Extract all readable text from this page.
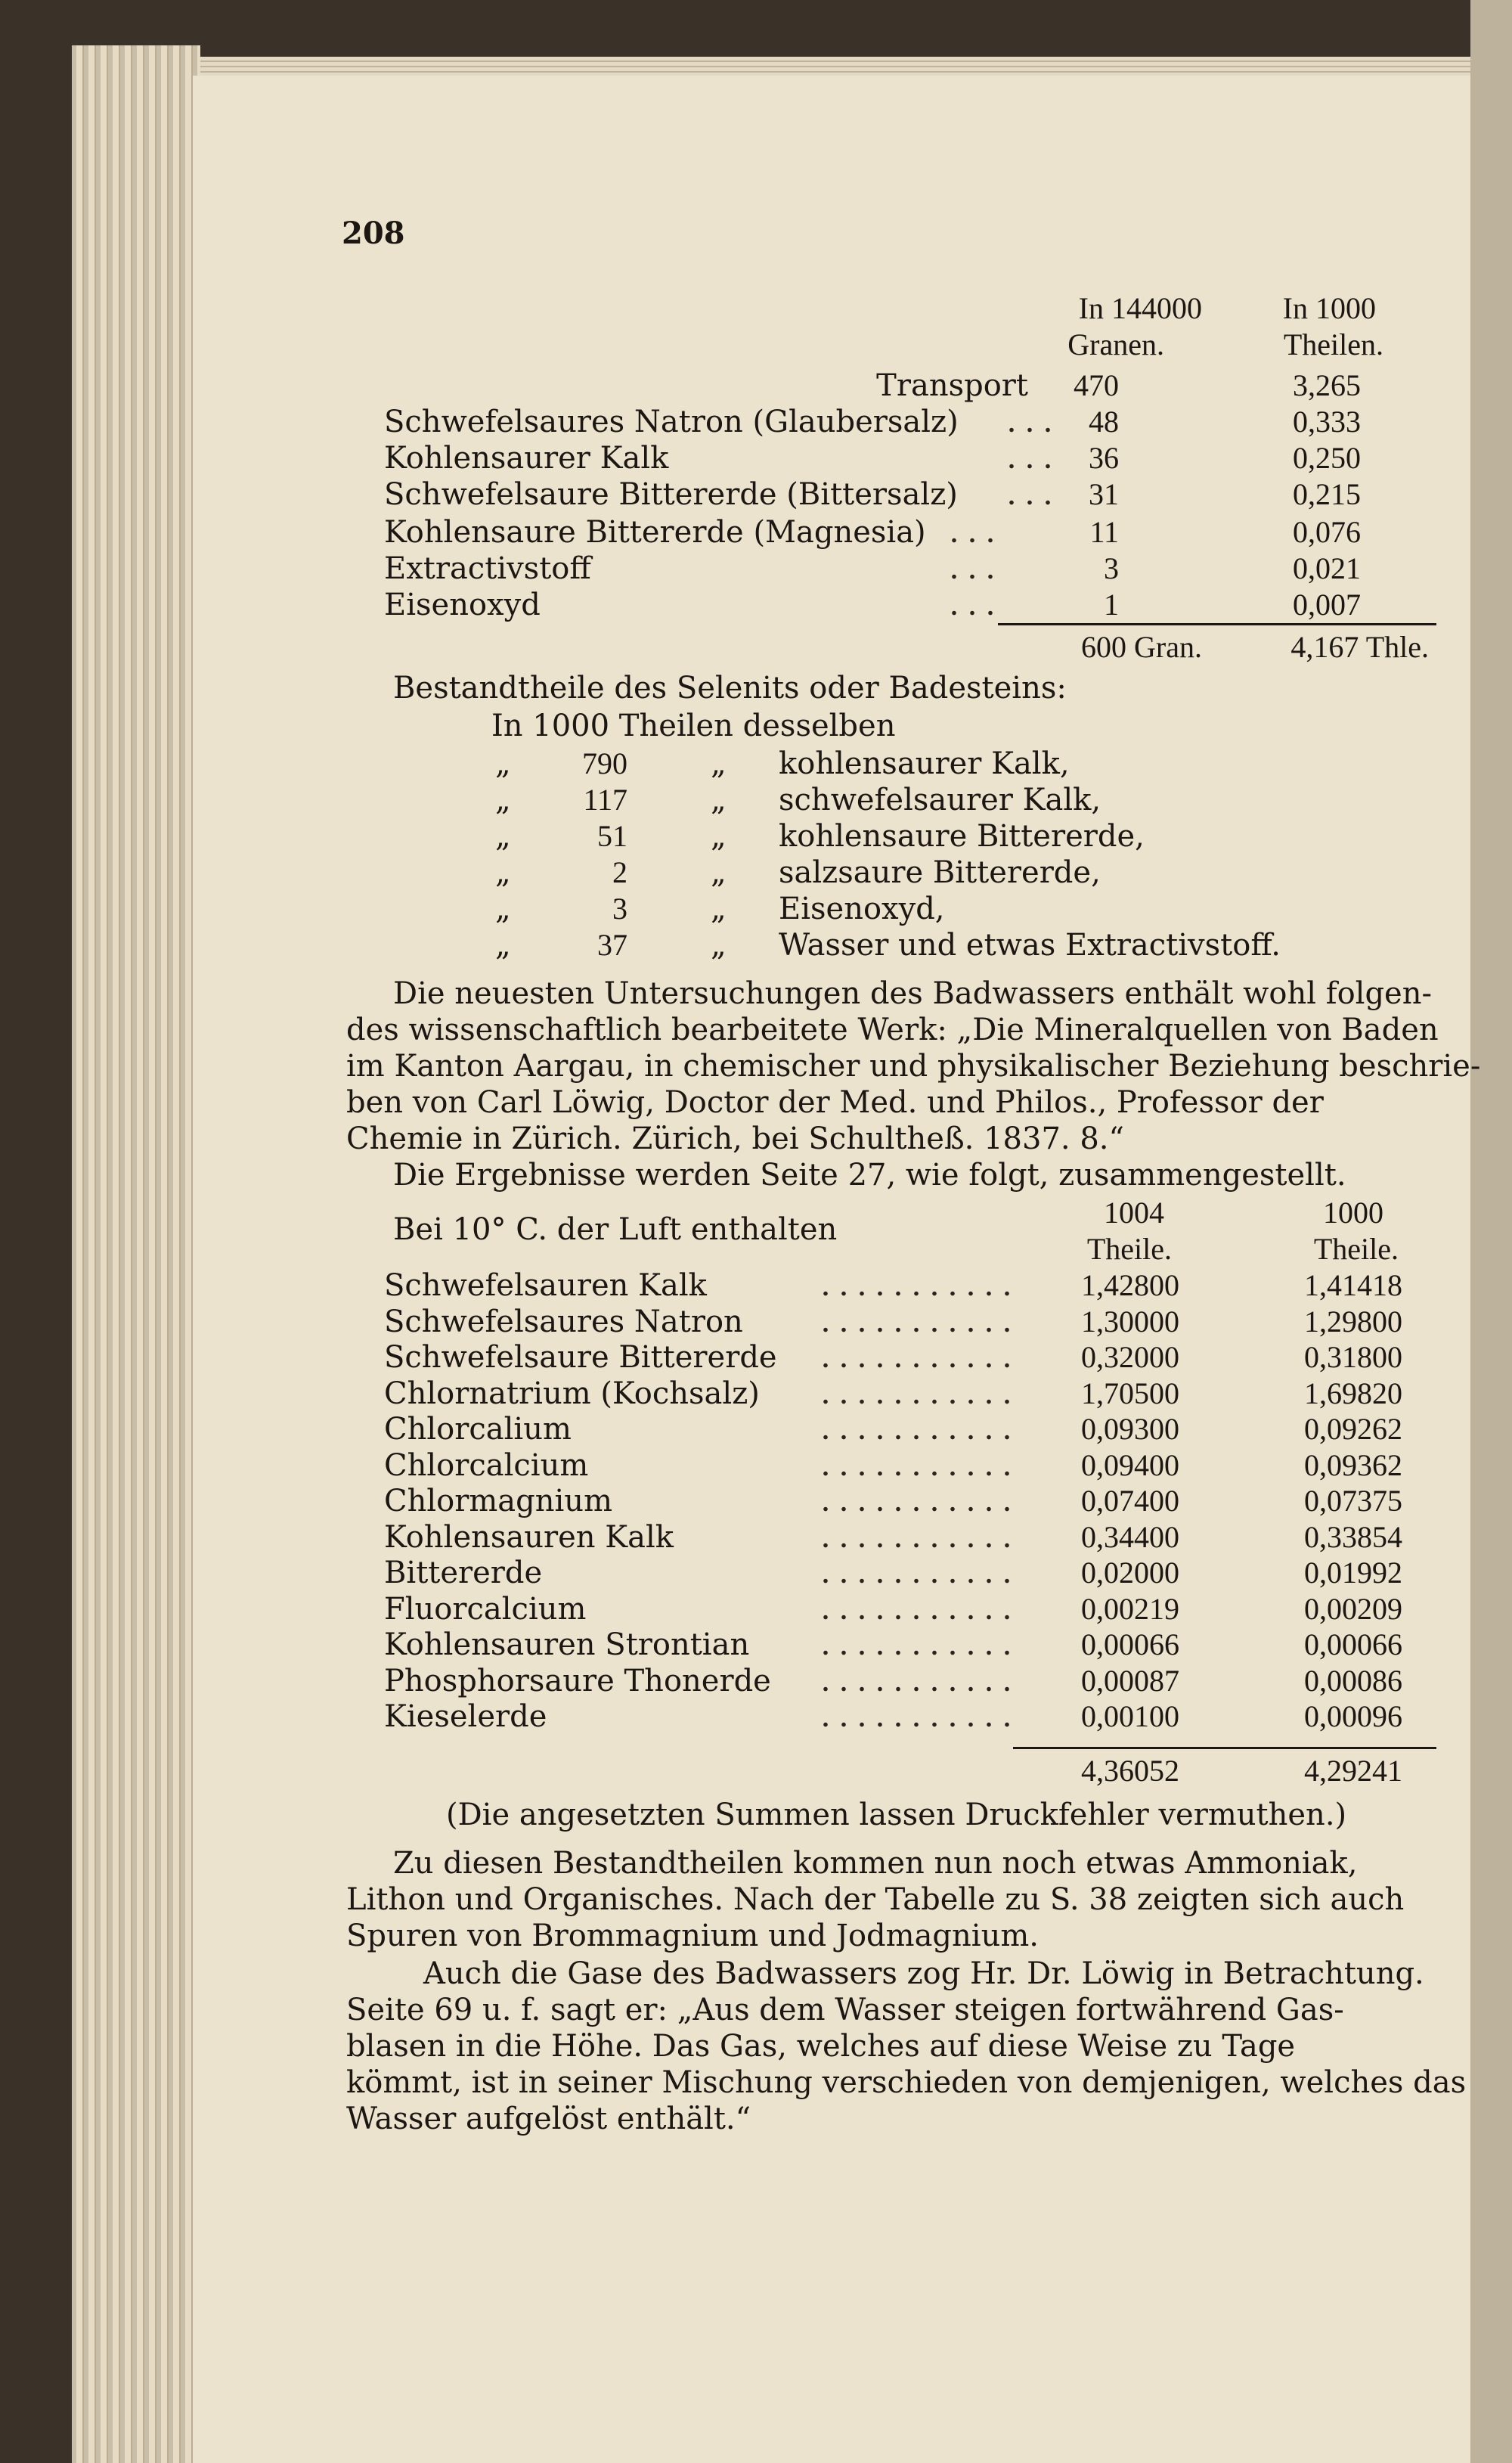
208
In 144000
Granen.
In 1000
Theilen.
Transport	470	3,265
Schwefelsaures Natron (Glaubersalz)	48	0,333
Kohlensaurer Kalk	36	0,250
Schwefelsaure Bittererde (Bittersalz)	31	0,215
Kohlensaure Bittererde (Magnesia)	11	0,076
Extractivstoff	3	0,021
Eisenoxyd	1	0,007
600 Gran.	4,167 Thle.
Bestandtheile des Selenits oder Badesteins:
In 1000 Theilen desselben
„	790	„ kohlensaurer Kalk,
„	117	„ schwefelsaurer Kalk,
„	51	„ kohlensaure Bittererde,
„	2	„ salzsaure Bittererde,
„	3	„ Eisenoxyd,
„	37	„ Wasser und etwas Extractivstoff.
Die neuesten Untersuchungen des Badwassers enthält wohl folgen-
des wissenschaftlich bearbeitete Werk: „Die Mineralquellen von Baden
im Kanton Aargau, in chemischer und physikalischer Beziehung beschrie-
ben von Carl Löwig, Doctor der Med. und Philos., Professor der
Chemie in Zürich. Zürich, bei Schultheß. 1837. 8.“
Die Ergebnisse werden Seite 27, wie folgt, zusammengestellt.
Bei 10° C. der Luft enthalten	1004
Theile.
1000
Theile.
Schwefelsauren Kalk	1,42800	1,41418
Schwefelsaures Natron	1,30000	1,29800
Schwefelsaure Bittererde	0,32000	0,31800
Chlornatrium (Kochsalz)	1,70500	1,69820
Chlorcalium	0,09300	0,09262
Chlorcalcium	0,09400	0,09362
Chlormagnium	0,07400	0,07375
Kohlensauren Kalk	0,34400	0,33854
Bittererde	0,02000	0,01992
Fluorcalcium	0,00219	0,00209
Kohlensauren Strontian	0,00066	0,00066
Phosphorsaure Thonerde	0,00087	0,00086
Kieselerde	0,00100	0,00096
4,36052	4,29241
(Die angesetzten Summen lassen Druckfehler vermuthen.)
Zu diesen Bestandtheilen kommen nun noch etwas Ammoniak,
Lithon und Organisches. Nach der Tabelle zu S. 38 zeigten sich auch
Spuren von Brommagnium und Jodmagnium.
Auch die Gase des Badwassers zog Hr. Dr. Löwig in Betrachtung.
Seite 69 u. f. sagt er: „Aus dem Wasser steigen fortwährend Gas-
blasen in die Höhe. Das Gas, welches auf diese Weise zu Tage
kömmt, ist in seiner Mischung verschieden von demjenigen, welches das
Wasser aufgelöst enthält.“
